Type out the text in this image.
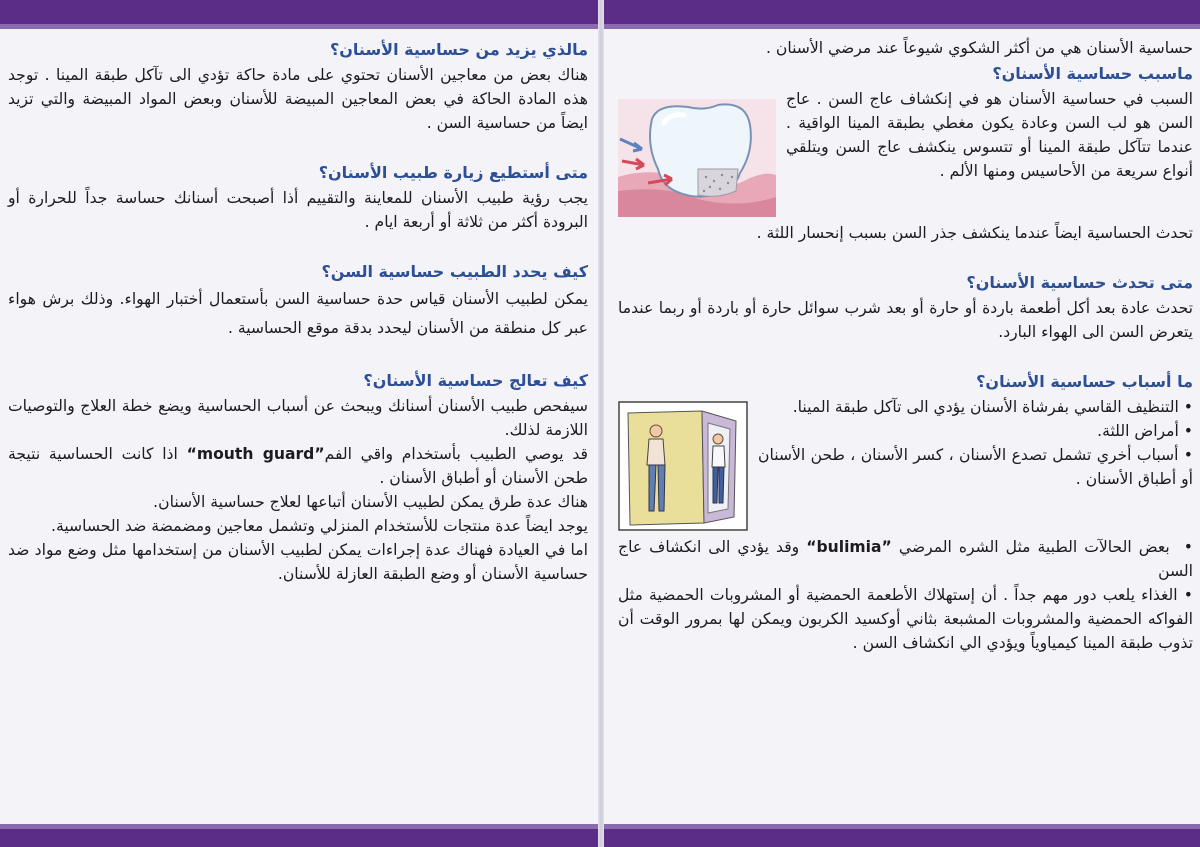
مالذي يزيد من حساسية الأسنان؟

هناك بعض من معاجين الأسنان تحتوي على مادة حاكة تؤدي الى تآكل طبقة المينا . توجد هذه المادة الحاكة في بعض المعاجين المبيضة للأسنان وبعض المواد المبيضة والتي تزيد ايضاً من حساسية السن .

متى أستطيع زيارة طبيب الأسنان؟

يجب رؤية طبيب الأسنان للمعاينة والتقييم أذا أصبحت أسنانك حساسة جداً للحرارة أو البرودة أكثر من ثلاثة أو أربعة ايام .

كيف يحدد الطبيب حساسية السن؟

يمكن لطبيب الأسنان قياس حدة حساسية السن بأستعمال أختبار الهواء. وذلك برش هواء عبر كل منطقة من الأسنان ليحدد بدقة موقع الحساسية .

كيف تعالج حساسية الأسنان؟

سيفحص طبيب الأسنان أسنانك ويبحث عن أسباب الحساسية ويضع خطة العلاج والتوصيات اللازمة لذلك.

قد يوصي الطبيب بأستخدام واقي الفم“mouth guard” اذا كانت الحساسية نتيجة طحن الأسنان أو أطباق الأسنان .

هناك عدة طرق يمكن لطبيب الأسنان أتباعها لعلاج حساسية الأسنان.

يوجد ايضاً عدة منتجات للأستخدام المنزلي وتشمل معاجين ومضمضة ضد الحساسية.

اما في العيادة فهناك عدة إجراءات يمكن لطبيب الأسنان من إستخدامها مثل وضع مواد ضد حساسية الأسنان أو وضع الطبقة العازلة للأسنان.

حساسية الأسنان هي من أكثر الشكوي شيوعاً عند مرضي الأسنان .

ماسبب حساسية الأسنان؟

السبب في حساسية الأسنان هو في إنكشاف عاج السن . عاج السن هو لب السن وعادة يكون مغطي بطبقة المينا الواقية . عندما تتآكل طبقة المينا أو تتسوس ينكشف عاج السن ويتلقي أنواع سريعة من الأحاسيس ومنها الألم .

تحدث الحساسية ايضاً عندما ينكشف جذر السن بسبب إنحسار اللثة .

متى تحدث حساسية الأسنان؟

تحدث عادة بعد أكل أطعمة باردة أو حارة أو بعد شرب سوائل حارة أو باردة أو ربما عندما يتعرض السن الى الهواء البارد.

ما أسباب حساسية الأسنان؟

• التنظيف القاسي بفرشاة الأسنان يؤدي الى تآكل طبقة المينا.

• أمراض اللثة.

• أسباب أخري تشمل تصدع الأسنان ، كسر الأسنان ، طحن الأسنان أو أطباق الأسنان .

• بعض الحالآت الطبية مثل الشره المرضي “bulimia” وقد يؤدي الى انكشاف عاج السن

• الغذاء يلعب دور مهم جداً . أن إستهلاك الأطعمة الحمضية أو المشروبات الحمضية مثل الفواكه الحمضية والمشروبات المشبعة بثاني أوكسيد الكربون ويمكن لها بمرور الوقت أن تذوب طبقة المينا كيمياوياً ويؤدي الي انكشاف السن .
